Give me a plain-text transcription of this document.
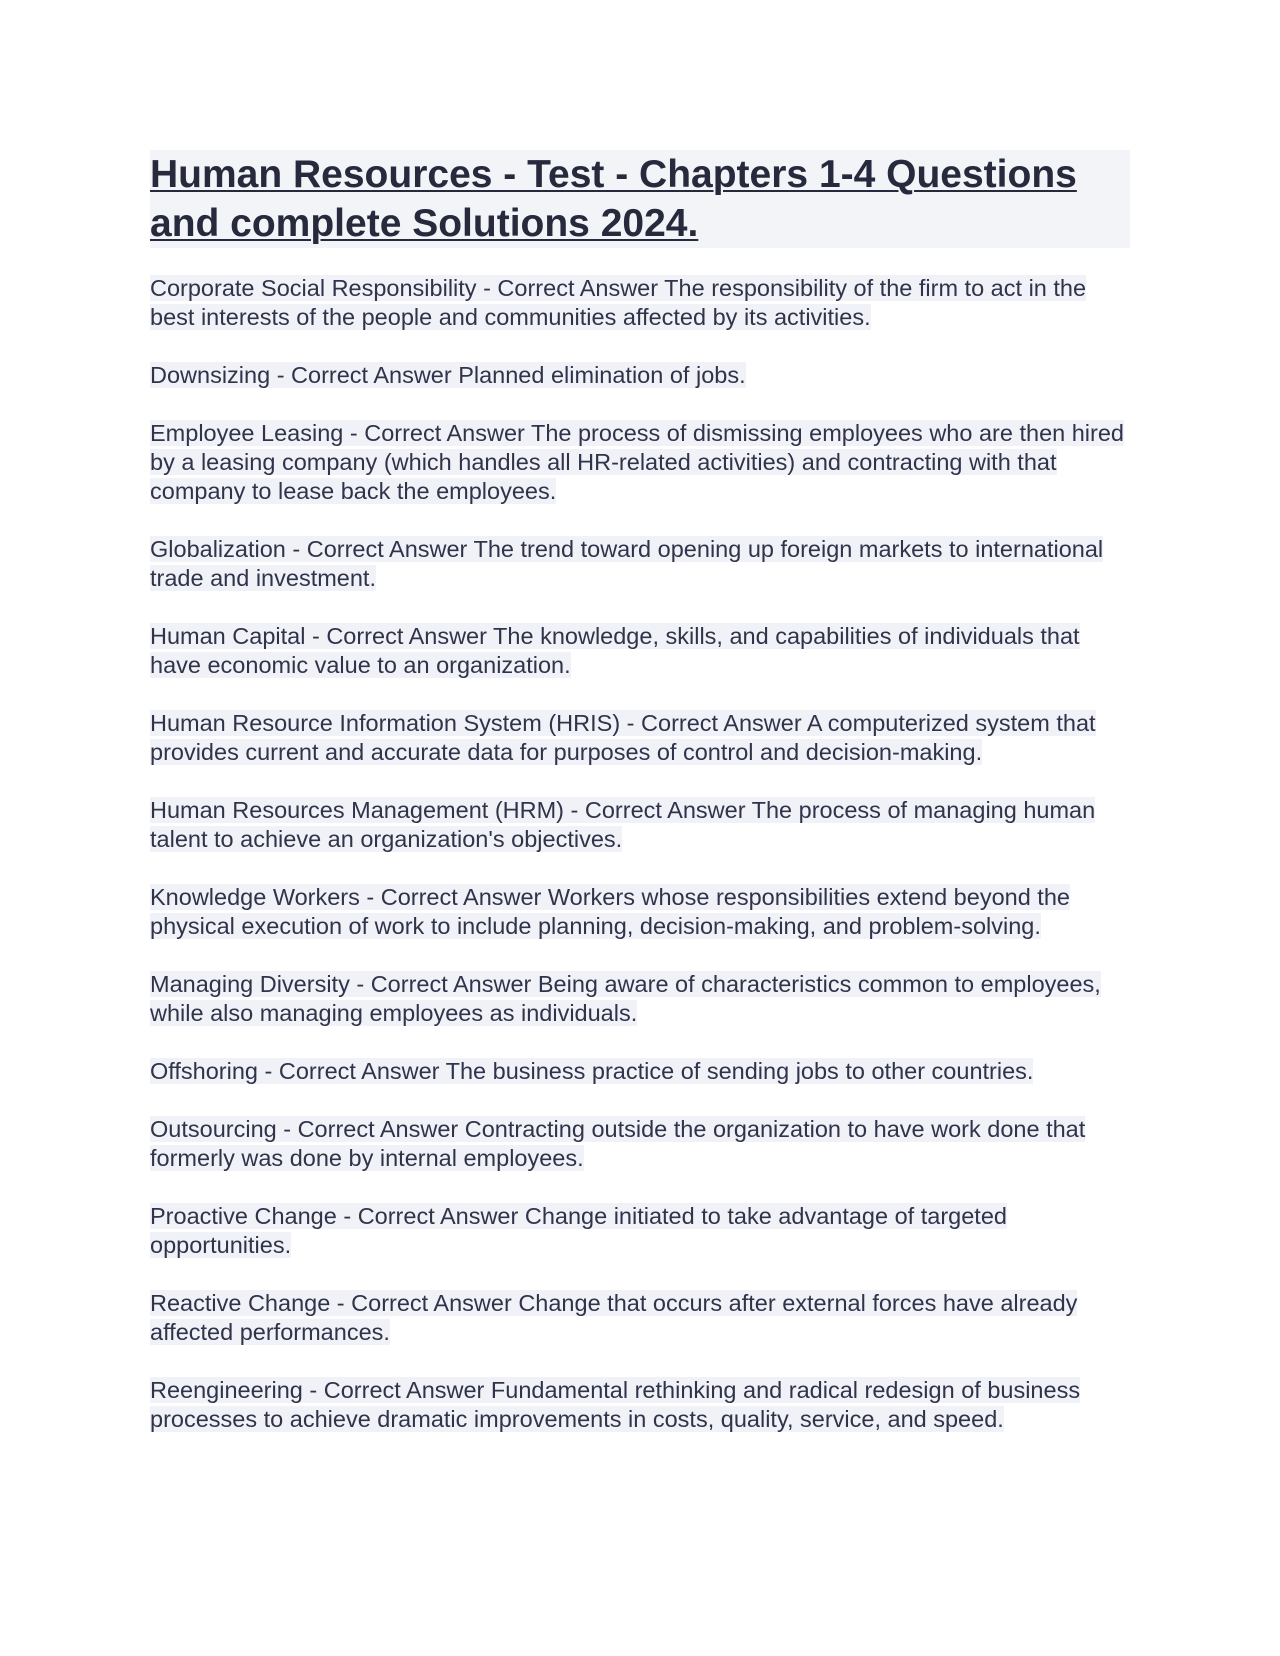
Human Resources - Test - Chapters 1-4 Questions and complete Solutions 2024.

Corporate Social Responsibility - Correct Answer The responsibility of the firm to act in the best interests of the people and communities affected by its activities.

Downsizing - Correct Answer Planned elimination of jobs.

Employee Leasing - Correct Answer The process of dismissing employees who are then hired by a leasing company (which handles all HR-related activities) and contracting with that company to lease back the employees.

Globalization - Correct Answer The trend toward opening up foreign markets to international trade and investment.

Human Capital - Correct Answer The knowledge, skills, and capabilities of individuals that have economic value to an organization.

Human Resource Information System (HRIS) - Correct Answer A computerized system that provides current and accurate data for purposes of control and decision-making.

Human Resources Management (HRM) - Correct Answer The process of managing human talent to achieve an organization's objectives.

Knowledge Workers - Correct Answer Workers whose responsibilities extend beyond the physical execution of work to include planning, decision-making, and problem-solving.

Managing Diversity - Correct Answer Being aware of characteristics common to employees, while also managing employees as individuals.

Offshoring - Correct Answer The business practice of sending jobs to other countries.

Outsourcing - Correct Answer Contracting outside the organization to have work done that formerly was done by internal employees.

Proactive Change - Correct Answer Change initiated to take advantage of targeted opportunities.

Reactive Change - Correct Answer Change that occurs after external forces have already affected performances.

Reengineering - Correct Answer Fundamental rethinking and radical redesign of business processes to achieve dramatic improvements in costs, quality, service, and speed.
